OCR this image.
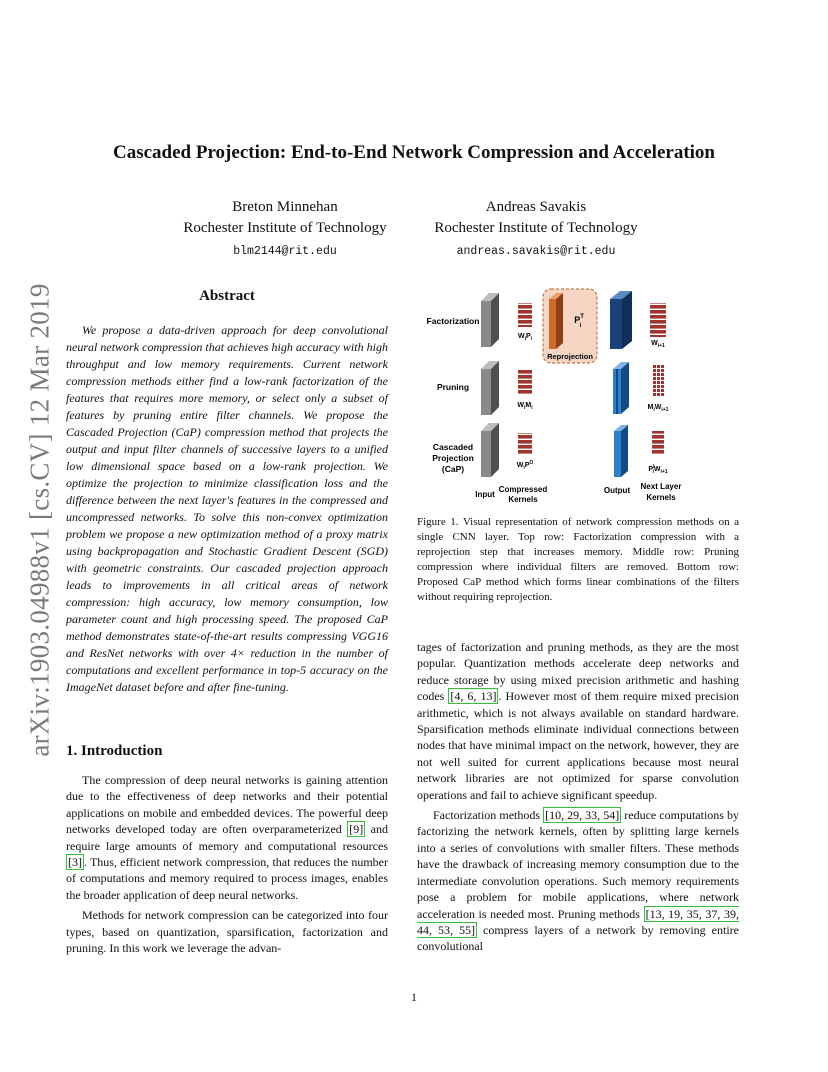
arXiv:1903.04988v1 [cs.CV] 12 Mar 2019
Cascaded Projection: End-to-End Network Compression and Acceleration
Breton Minnehan
Rochester Institute of Technology
blm2144@rit.edu
Andreas Savakis
Rochester Institute of Technology
andreas.savakis@rit.edu
Abstract

We propose a data-driven approach for deep convolutional neural network compression that achieves high accuracy with high throughput and low memory requirements. Current network compression methods either find a low-rank factorization of the features that requires more memory, or select only a subset of features by pruning entire filter channels. We propose the Cascaded Projection (CaP) compression method that projects the output and input filter channels of successive layers to a unified low dimensional space based on a low-rank projection. We optimize the projection to minimize classification loss and the difference between the next layer's features in the compressed and uncompressed networks. To solve this non-convex optimization problem we propose a new optimization method of a proxy matrix using backpropagation and Stochastic Gradient Descent (SGD) with geometric constraints. Our cascaded projection approach leads to improvements in all critical areas of network compression: high accuracy, low memory consumption, low parameter count and high processing speed. The proposed CaP method demonstrates state-of-the-art results compressing VGG16 and ResNet networks with over 4× reduction in the number of computations and excellent performance in top-5 accuracy on the ImageNet dataset before and after fine-tuning.

1. Introduction

The compression of deep neural networks is gaining attention due to the effectiveness of deep networks and their potential applications on mobile and embedded devices. The powerful deep networks developed today are often overparameterized [9] and require large amounts of memory and computational resources [3] . Thus, efficient network compression, that reduces the number of computations and memory required to process images, enables the broader application of deep neural networks.

Methods for network compression can be categorized into four types, based on quantization, sparsification, factorization and pruning. In this work we leverage the advan-

Factorization
Pruning
Cascaded
Projection
(CaP)
$W_iP_i$
$W_iM_i$
$W_iP^O$
$P^T$ i
Reprojection
$W_{i+1}$
$M_iW_{i+1}$
$P^I$ $iW_{i+1}$
Input
Compressed
Kernels
Output Next Layer
Kernels

Figure 1. Visual representation of network compression methods on a single CNN layer. Top row: Factorization compression with a reprojection step that increases memory. Middle row: Pruning compression where individual filters are removed. Bottom row: Proposed CaP method which forms linear combinations of the filters without requiring reprojection.

tages of factorization and pruning methods, as they are the most popular. Quantization methods accelerate deep networks and reduce storage by using mixed precision arithmetic and hashing codes [4, 6, 13] . However most of them require mixed precision arithmetic, which is not always available on standard hardware. Sparsification methods eliminate individual connections between nodes that have minimal impact on the network, however, they are not well suited for current applications because most neural network libraries are not optimized for sparse convolution operations and fail to achieve significant speedup.

Factorization methods [10, 29, 33, 54] reduce computations by factorizing the network kernels, often by splitting large kernels into a series of convolutions with smaller filters. These methods have the drawback of increasing memory consumption due to the intermediate convolution operations. Such memory requirements pose a problem for mobile applications, where network acceleration is needed most. Pruning methods [13, 19, 35, 37, 39, 44, 53, 55] compress layers of a network by removing entire convolutional

1
